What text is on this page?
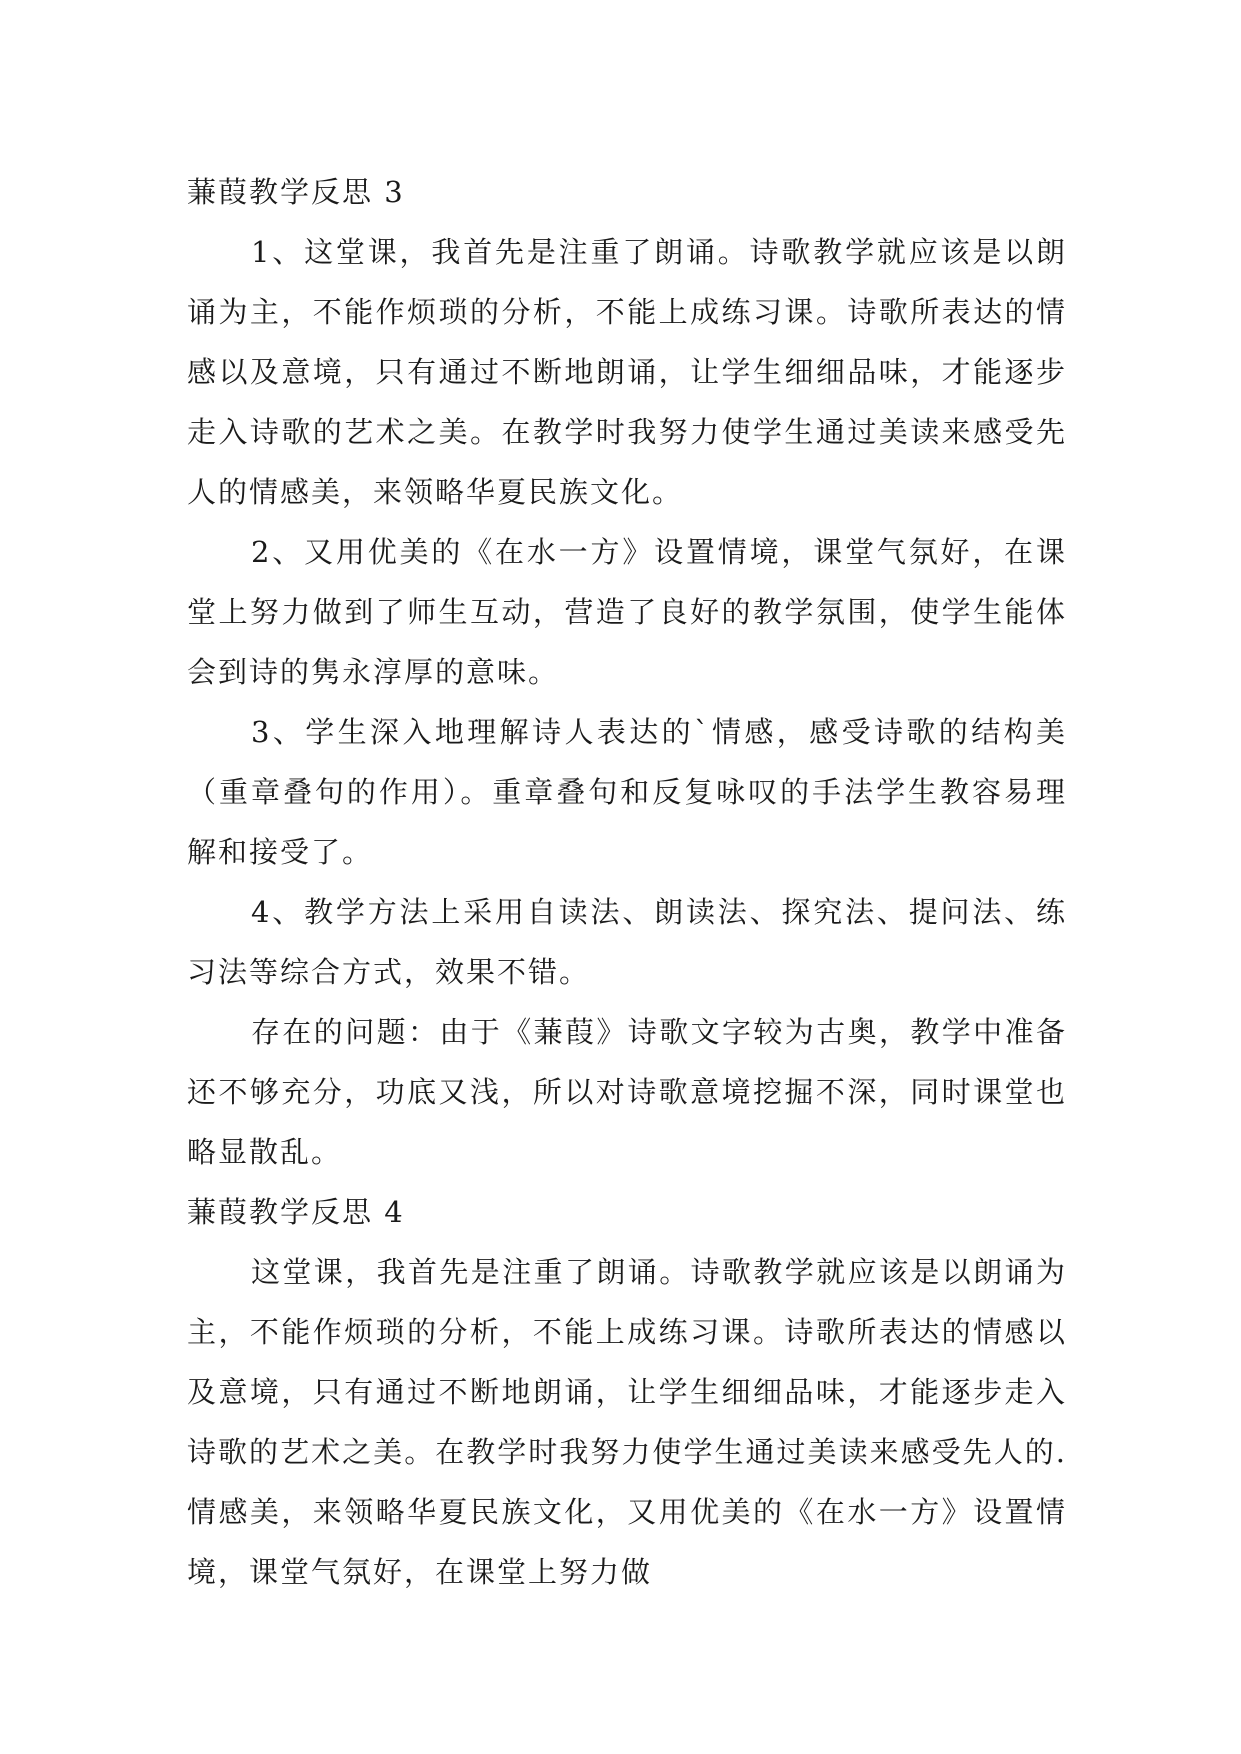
蒹葭教学反思 3

1、这堂课，我首先是注重了朗诵。诗歌教学就应该是以朗诵为主，不能作烦琐的分析，不能上成练习课。诗歌所表达的情感以及意境，只有通过不断地朗诵，让学生细细品味，才能逐步走入诗歌的艺术之美。在教学时我努力使学生通过美读来感受先人的情感美，来领略华夏民族文化。

2、又用优美的《在水一方》设置情境，课堂气氛好，在课堂上努力做到了师生互动，营造了良好的教学氛围，使学生能体会到诗的隽永淳厚的意味。

3、学生深入地理解诗人表达的`情感，感受诗歌的结构美（重章叠句的作用）。重章叠句和反复咏叹的手法学生教容易理解和接受了。

4、教学方法上采用自读法、朗读法、探究法、提问法、练习法等综合方式，效果不错。

存在的问题：由于《蒹葭》诗歌文字较为古奥，教学中准备还不够充分，功底又浅，所以对诗歌意境挖掘不深，同时课堂也略显散乱。

蒹葭教学反思 4

这堂课，我首先是注重了朗诵。诗歌教学就应该是以朗诵为主，不能作烦琐的分析，不能上成练习课。诗歌所表达的情感以及意境，只有通过不断地朗诵，让学生细细品味，才能逐步走入诗歌的艺术之美。在教学时我努力使学生通过美读来感受先人的.情感美，来领略华夏民族文化，又用优美的《在水一方》设置情境，课堂气氛好，在课堂上努力做
